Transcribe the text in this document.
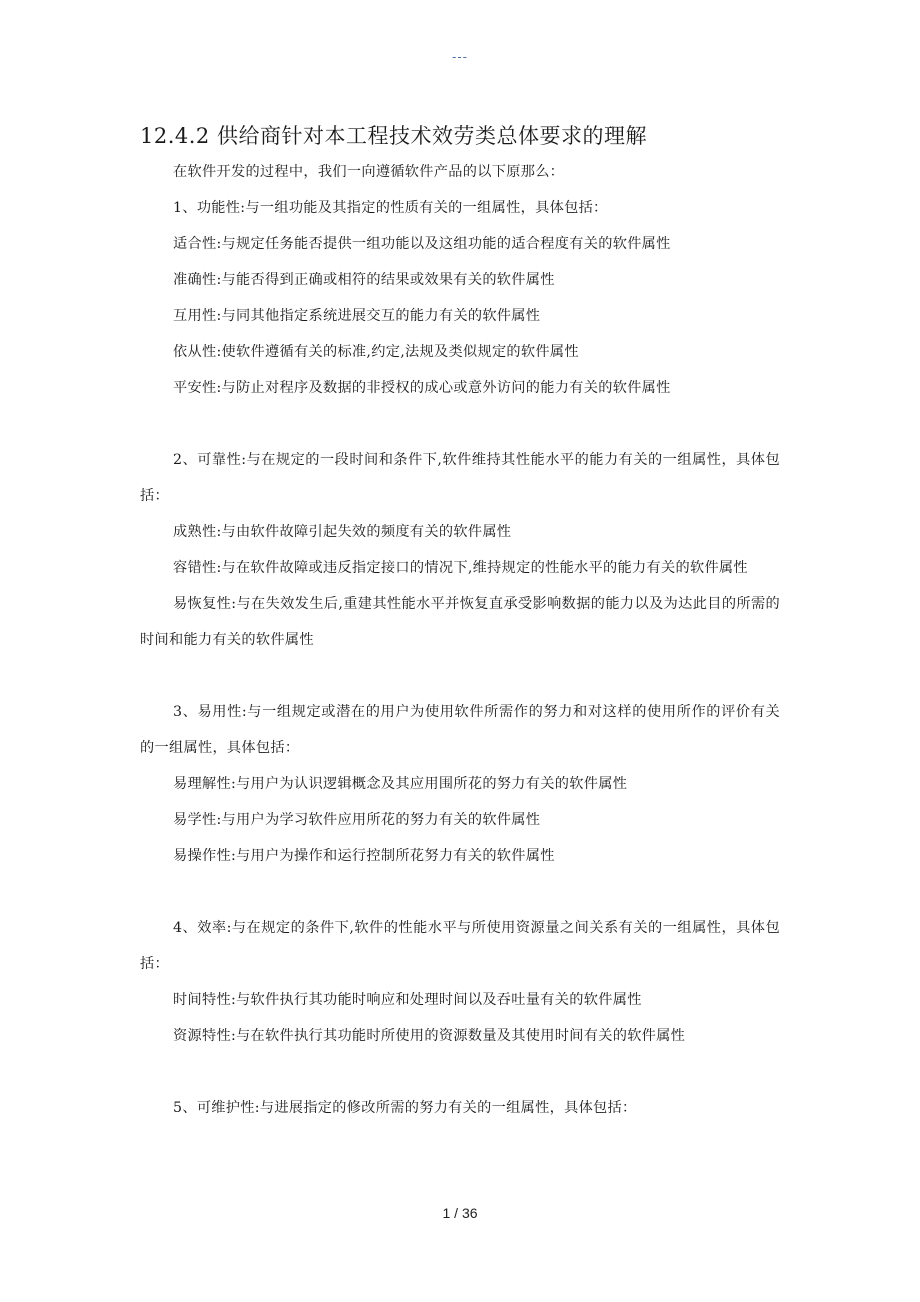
---
12.4.2 供给商针对本工程技术效劳类总体要求的理解

在软件开发的过程中，我们一向遵循软件产品的以下原那么：

1、功能性:与一组功能及其指定的性质有关的一组属性，具体包括：

适合性:与规定任务能否提供一组功能以及这组功能的适合程度有关的软件属性

准确性:与能否得到正确或相符的结果或效果有关的软件属性

互用性:与同其他指定系统进展交互的能力有关的软件属性

依从性:使软件遵循有关的标准,约定,法规及类似规定的软件属性

平安性:与防止对程序及数据的非授权的成心或意外访问的能力有关的软件属性

2、可靠性:与在规定的一段时间和条件下,软件维持其性能水平的能力有关的一组属性，具体包括：

成熟性:与由软件故障引起失效的频度有关的软件属性

容错性:与在软件故障或违反指定接口的情况下,维持规定的性能水平的能力有关的软件属性

易恢复性:与在失效发生后,重建其性能水平并恢复直承受影响数据的能力以及为达此目的所需的时间和能力有关的软件属性

3、易用性:与一组规定或潜在的用户为使用软件所需作的努力和对这样的使用所作的评价有关的一组属性，具体包括：

易理解性:与用户为认识逻辑概念及其应用围所花的努力有关的软件属性

易学性:与用户为学习软件应用所花的努力有关的软件属性

易操作性:与用户为操作和运行控制所花努力有关的软件属性

4、效率:与在规定的条件下,软件的性能水平与所使用资源量之间关系有关的一组属性，具体包括：

时间特性:与软件执行其功能时响应和处理时间以及吞吐量有关的软件属性

资源特性:与在软件执行其功能时所使用的资源数量及其使用时间有关的软件属性

5、可维护性:与进展指定的修改所需的努力有关的一组属性，具体包括：

1 / 36
